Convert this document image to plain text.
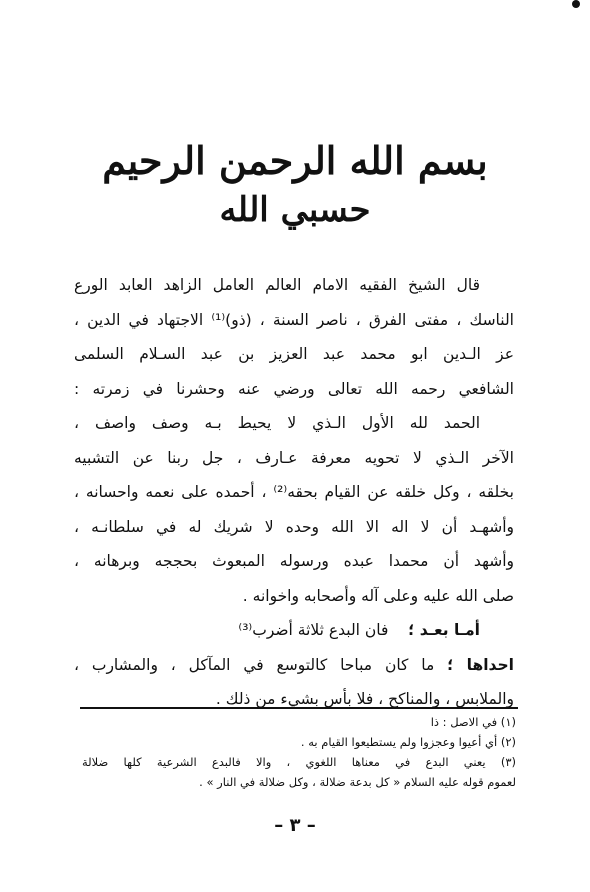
بسم الله الرحمن الرحيم
حسبي الله
قال الشيخ الفقيه الامام العالم العامل الزاهد العابد الورع
الناسك ، مفتى الفرق ، ناصر السنة ، (ذو)⁽¹⁾ الاجتهاد في الدين ،
عز الـدين ابو محمد عبد العزيز بن عبد السـلام السلمى
الشافعي رحمه الله تعالى ورضي عنه وحشرنا في زمرته :
الحمد لله الأول الـذي لا يحيط بـه وصف واصف ،
الآخر الـذي لا تحويه معرفة عـارف ، جل ربنا عن التشبيه
بخلقه ، وكل خلقه عن القيام بحقه⁽²⁾ ، أحمده على نعمه واحسانه ،
وأشهـد أن لا اله الا الله وحده لا شريك له في سلطانـه ،
وأشهد أن محمدا عبده ورسوله المبعوث بحججه وبرهانه ،
صلى الله عليه وعلى آله وأصحابه واخوانه .
أمـا بعـد ؛    فان البدع ثلاثة أضرب⁽³⁾
احداها ؛ ما كان مباحا كالتوسع في المآكل ، والمشارب ،
والملابس ، والمناكح ، فلا بأس بشيء من ذلك .
(١) في الاصل : ذا
(٢) أي أعيوا وعجزوا ولم يستطيعوا القيام به .
(٣) يعني البدع في معناها اللغوي ، والا فالبدع الشرعية كلها ضلالة
لعموم قوله عليه السلام « كل بدعة ضلالة ، وكل ضلالة في النار » .
– ٣ –
